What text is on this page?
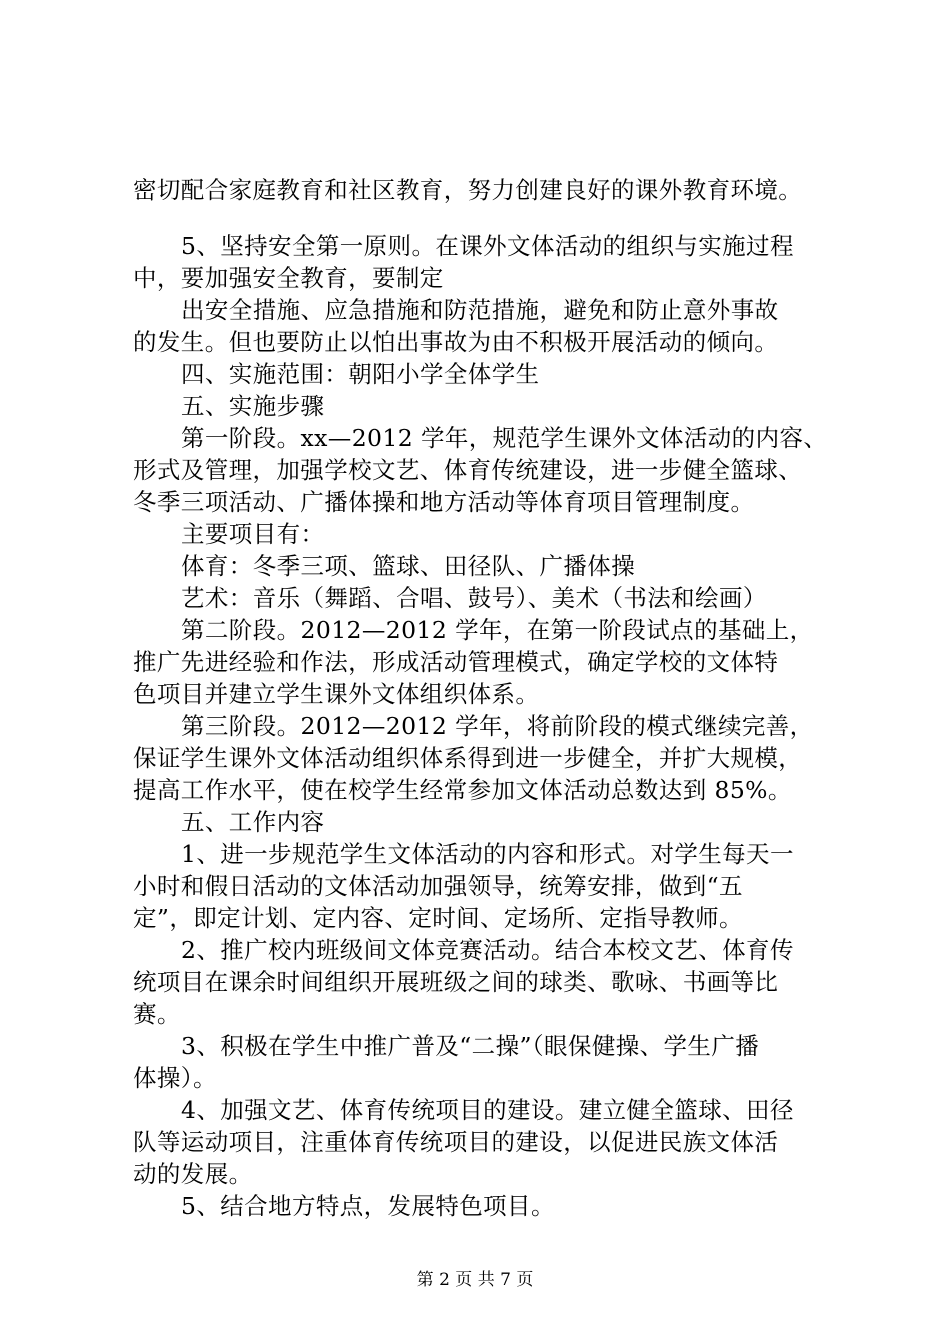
密切配合家庭教育和社区教育，努力创建良好的课外教育环境。
5、坚持安全第一原则。在课外文体活动的组织与实施过程
中，要加强安全教育，要制定
出安全措施、应急措施和防范措施，避免和防止意外事故
的发生。但也要防止以怕出事故为由不积极开展活动的倾向。
四、实施范围：朝阳小学全体学生
五、实施步骤
第一阶段。xx—2012 学年，规范学生课外文体活动的内容、
形式及管理，加强学校文艺、体育传统建设，进一步健全篮球、
冬季三项活动、广播体操和地方活动等体育项目管理制度。
主要项目有：
体育：冬季三项、篮球、田径队、广播体操
艺术：音乐（舞蹈、合唱、鼓号）、美术（书法和绘画）
第二阶段。2012—2012 学年，在第一阶段试点的基础上，
推广先进经验和作法，形成活动管理模式，确定学校的文体特
色项目并建立学生课外文体组织体系。
第三阶段。2012—2012 学年，将前阶段的模式继续完善，
保证学生课外文体活动组织体系得到进一步健全，并扩大规模，
提高工作水平，使在校学生经常参加文体活动总数达到 85%。
五、工作内容
1、进一步规范学生文体活动的内容和形式。对学生每天一
小时和假日活动的文体活动加强领导，统筹安排，做到“五
定”，即定计划、定内容、定时间、定场所、定指导教师。
2、推广校内班级间文体竞赛活动。结合本校文艺、体育传
统项目在课余时间组织开展班级之间的球类、歌咏、书画等比
赛。
3、积极在学生中推广普及“二操”（眼保健操、学生广播
体操）。
4、加强文艺、体育传统项目的建设。建立健全篮球、田径
队等运动项目，注重体育传统项目的建设，以促进民族文体活
动的发展。
5、结合地方特点，发展特色项目。
第 2 页 共 7 页
